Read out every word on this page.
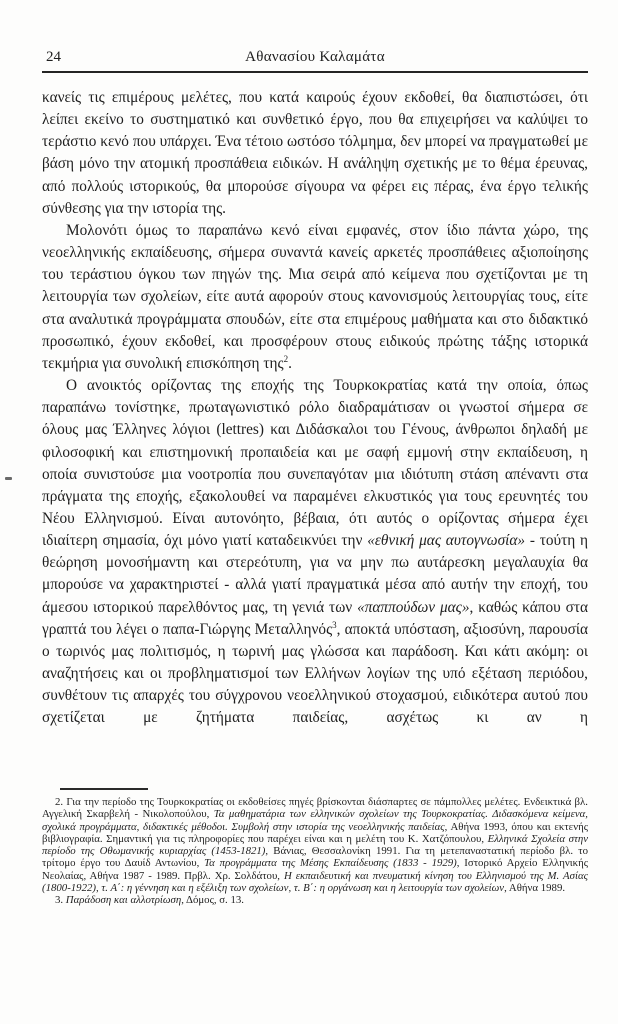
24	Αθανασίου Καλαμάτα

κανείς τις επιμέρους μελέτες, που κατά καιρούς έχουν εκδοθεί, θα διαπιστώσει, ότι λείπει εκείνο το συστηματικό και συνθετικό έργο, που θα επιχειρήσει να καλύψει το τεράστιο κενό που υπάρχει. Ένα τέτοιο ωστόσο τόλμημα, δεν μπορεί να πραγματωθεί με βάση μόνο την ατομική προσπάθεια ειδικών. Η ανάληψη σχετικής με το θέμα έρευνας, από πολλούς ιστορικούς, θα μπορούσε σίγουρα να φέρει εις πέρας, ένα έργο τελικής σύνθεσης για την ιστορία της.

Μολονότι όμως το παραπάνω κενό είναι εμφανές, στον ίδιο πάντα χώρο, της νεοελληνικής εκπαίδευσης, σήμερα συναντά κανείς αρκετές προσπάθειες αξιοποίησης του τεράστιου όγκου των πηγών της. Μια σειρά από κείμενα που σχετίζονται με τη λειτουργία των σχολείων, είτε αυτά αφορούν στους κανονισμούς λειτουργίας τους, είτε στα αναλυτικά προγράμματα σπουδών, είτε στα επιμέρους μαθήματα και στο διδακτικό προσωπικό, έχουν εκδοθεί, και προσφέρουν στους ειδικούς πρώτης τάξης ιστορικά τεκμήρια για συνολική επισκόπηση της$^2$.

Ο ανοικτός ορίζοντας της εποχής της Τουρκοκρατίας κατά την οποία, όπως παραπάνω τονίστηκε, πρωταγωνιστικό ρόλο διαδραμάτισαν οι γνωστοί σήμερα σε όλους μας Έλληνες λόγιοι (lettres) και Διδάσκαλοι του Γένους, άνθρωποι δηλαδή με φιλοσοφική και επιστημονική προπαιδεία και με σαφή εμμονή στην εκπαίδευση, η οποία συνιστούσε μια νοοτροπία που συνεπαγόταν μια ιδιότυπη στάση απέναντι στα πράγματα της εποχής, εξακολουθεί να παραμένει ελκυστικός για τους ερευνητές του Νέου Ελληνισμού. Είναι αυτονόητο, βέβαια, ότι αυτός ο ορίζοντας σήμερα έχει ιδιαίτερη σημασία, όχι μόνο γιατί καταδεικνύει την «εθνική μας αυτογνωσία» - τούτη η θεώρηση μονοσήμαντη και στερεότυπη, για να μην πω αυτάρεσκη μεγαλαυχία θα μπορούσε να χαρακτηριστεί - αλλά γιατί πραγματικά μέσα από αυτήν την εποχή, του άμεσου ιστορικού παρελθόντος μας, τη γενιά των «παππούδων μας», καθώς κάπου στα γραπτά του λέγει ο παπα-Γιώργης Μεταλληνός$^3$, αποκτά υπόσταση, αξιοσύνη, παρουσία ο τωρινός μας πολιτισμός, η τωρινή μας γλώσσα και παράδοση. Και κάτι ακόμη: οι αναζητήσεις και οι προβληματισμοί των Ελλήνων λογίων της υπό εξέταση περιόδου, συνθέτουν τις απαρχές του σύγχρονου νεοελληνικού στοχασμού, ειδικότερα αυτού που σχετίζεται με ζητήματα παιδείας, ασχέτως κι αν η

2. Για την περίοδο της Τουρκοκρατίας οι εκδοθείσες πηγές βρίσκονται διάσπαρτες σε πάμπολλες μελέτες. Ενδεικτικά βλ. Αγγελική Σκαρβελή - Νικολοπούλου, Τα μαθηματάρια των ελληνικών σχολείων της Τουρκοκρατίας. Διδασκόμενα κείμενα, σχολικά προγράμματα, διδακτικές μέθοδοι. Συμβολή στην ιστορία της νεοελληνικής παιδείας, Αθήνα 1993, όπου και εκτενής βιβλιογραφία. Σημαντική για τις πληροφορίες που παρέχει είναι και η μελέτη του Κ. Χατζόπουλου, Ελληνικά Σχολεία στην περίοδο της Οθωμανικής κυριαρχίας (1453-1821), Βάνιας, Θεσσαλονίκη 1991. Για τη μετεπαναστατική περίοδο βλ. το τρίτομο έργο του Δαυίδ Αντωνίου, Τα προγράμματα της Μέσης Εκπαίδευσης (1833 - 1929), Ιστορικό Αρχείο Ελληνικής Νεολαίας, Αθήνα 1987 - 1989. Πρβλ. Χρ. Σολδάτου, Η εκπαιδευτική και πνευματική κίνηση του Ελληνισμού της Μ. Ασίας (1800-1922), τ. Α΄: η γέννηση και η εξέλιξη των σχολείων, τ. Β΄: η οργάνωση και η λειτουργία των σχολείων, Αθήνα 1989.

3. Παράδοση και αλλοτρίωση, Δόμος, σ. 13.
